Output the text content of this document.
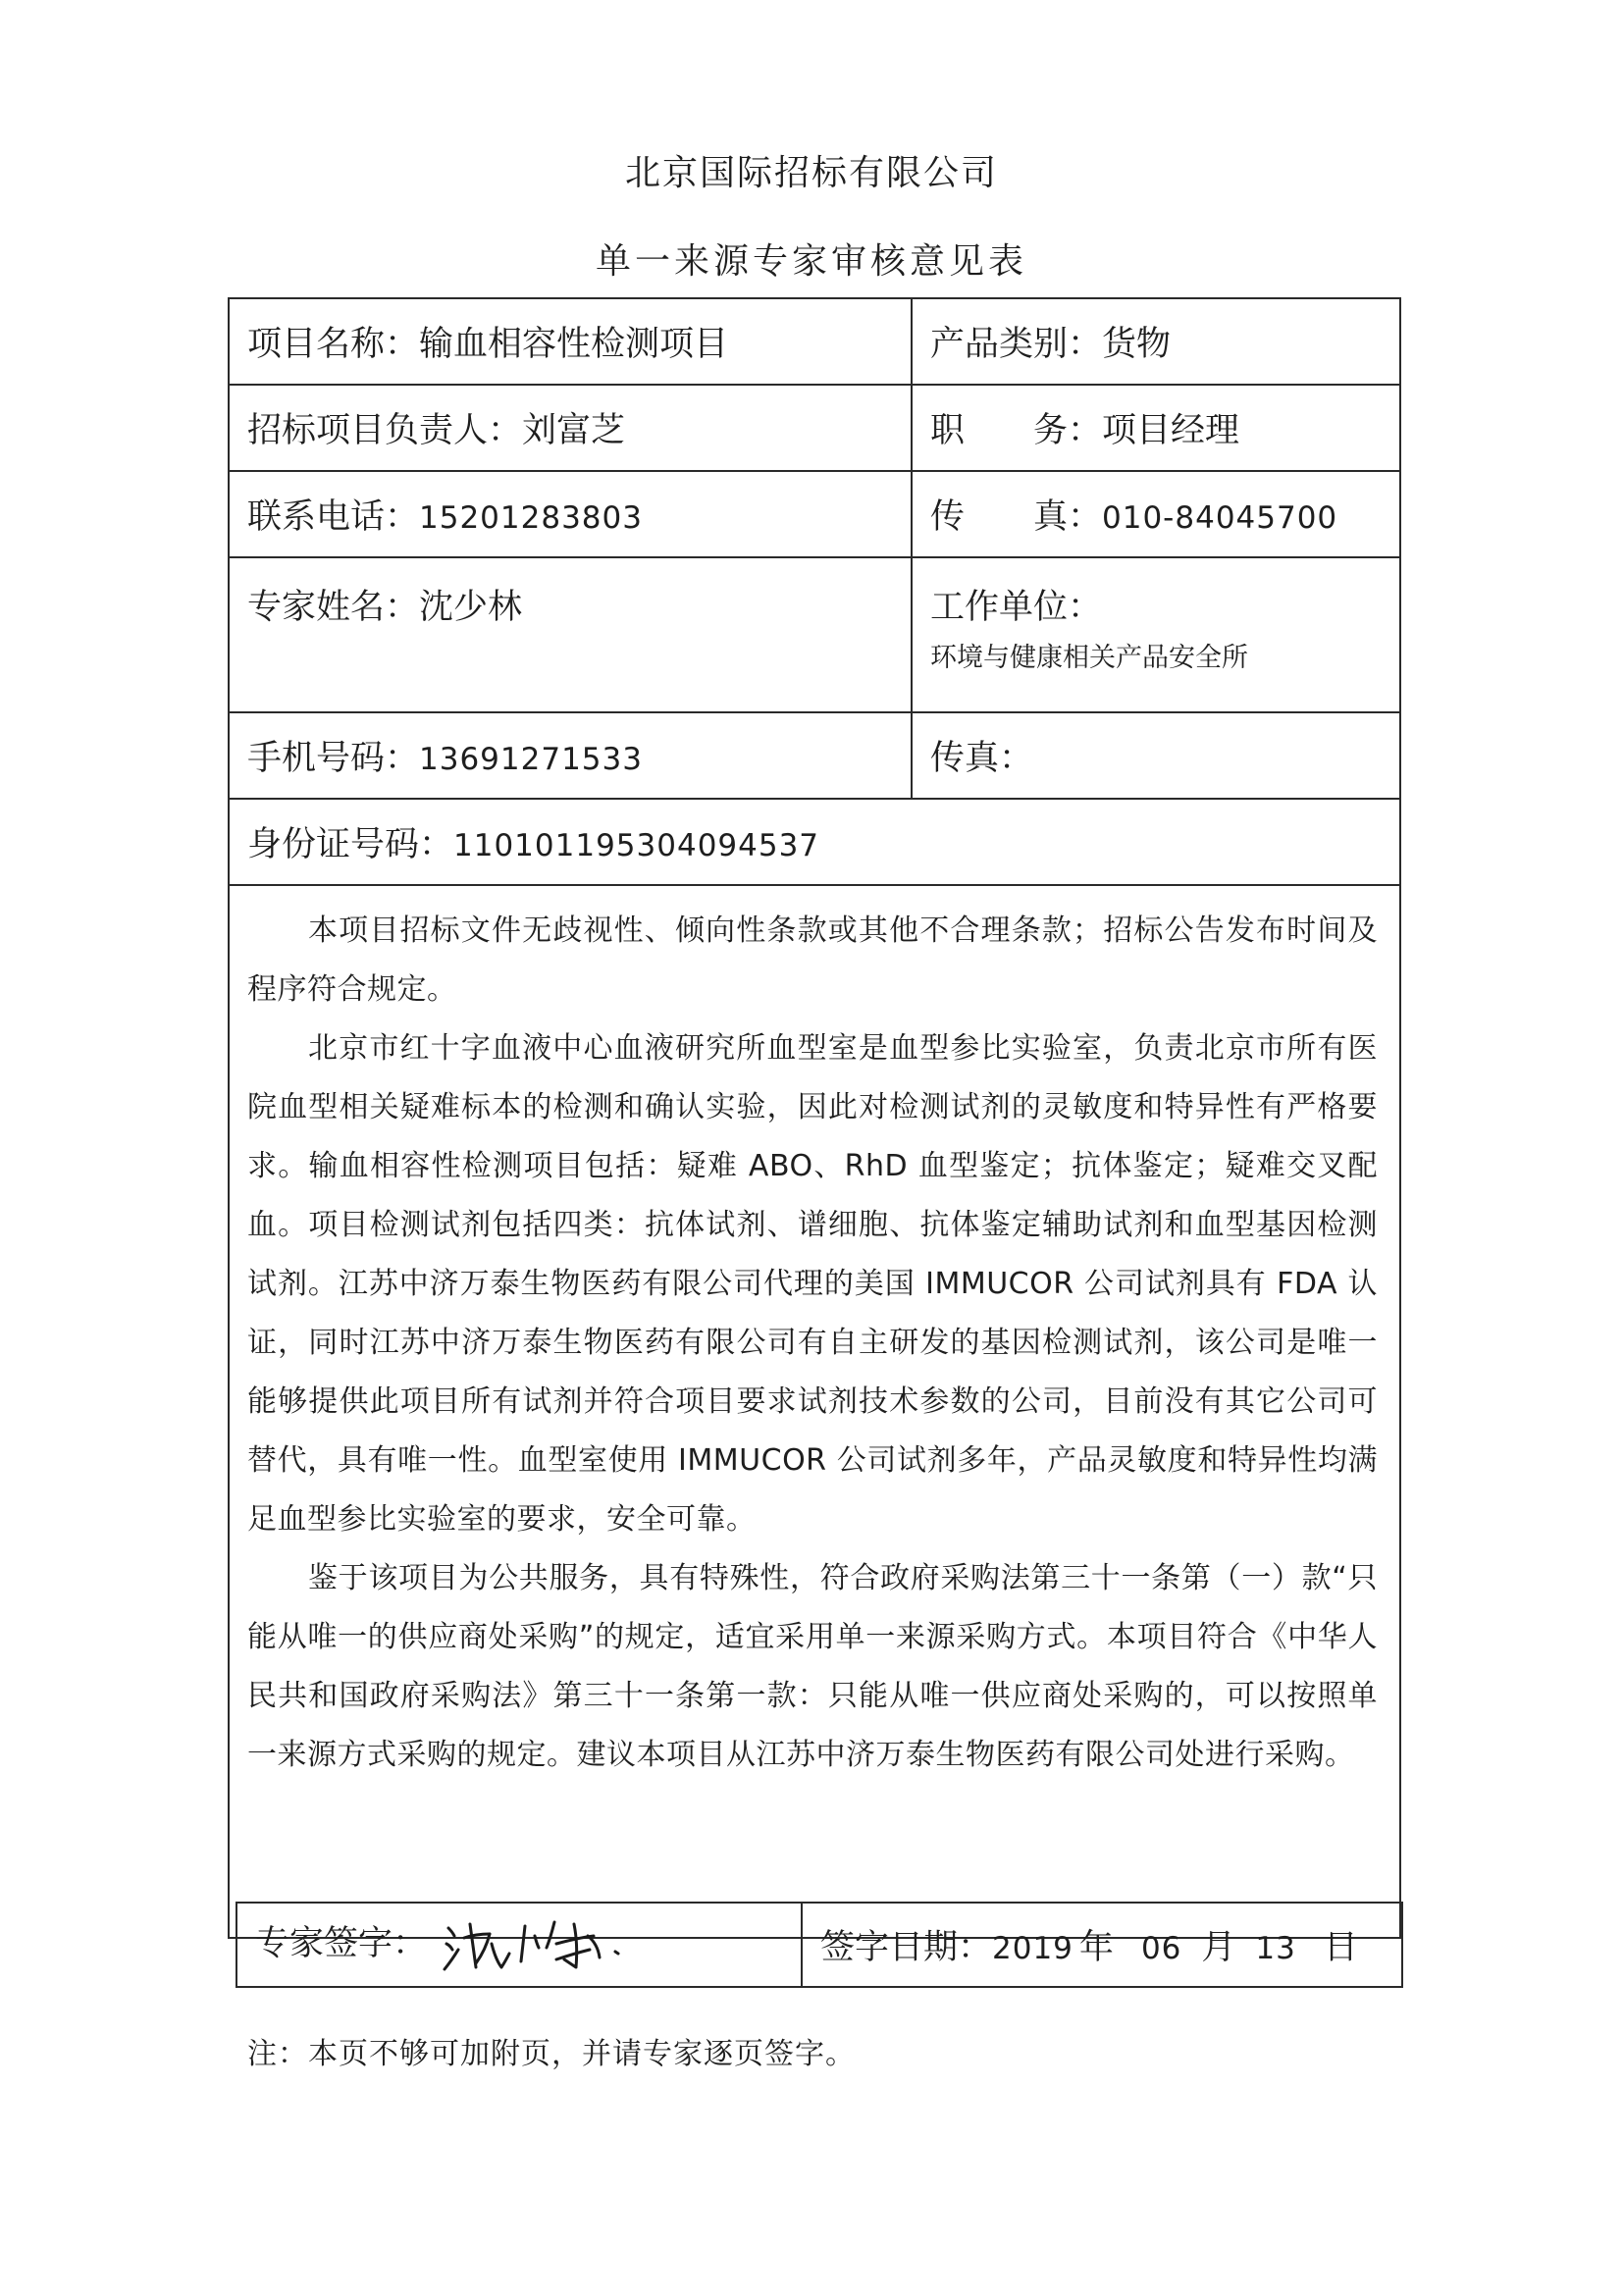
北京国际招标有限公司
单一来源专家审核意见表
项目名称：输血相容性检测项目	产品类别：货物
招标项目负责人：刘富芝	职　　务：项目经理
联系电话：15201283803	传　　真：010-84045700
专家姓名：沈少林	工作单位：环境与健康相关产品安全所
手机号码：13691271533	传真：
身份证号码：110101195304094537	

本项目招标文件无歧视性、倾向性条款或其他不合理条款；招标公告发布时间及程序符合规定。

北京市红十字血液中心血液研究所血型室是血型参比实验室，负责北京市所有医院血型相关疑难标本的检测和确认实验，因此对检测试剂的灵敏度和特异性有严格要求。输血相容性检测项目包括：疑难 ABO、RhD 血型鉴定；抗体鉴定；疑难交叉配血。项目检测试剂包括四类：抗体试剂、谱细胞、抗体鉴定辅助试剂和血型基因检测试剂。江苏中济万泰生物医药有限公司代理的美国 IMMUCOR 公司试剂具有 FDA 认证，同时江苏中济万泰生物医药有限公司有自主研发的基因检测试剂，该公司是唯一能够提供此项目所有试剂并符合项目要求试剂技术参数的公司，目前没有其它公司可替代，具有唯一性。血型室使用 IMMUCOR 公司试剂多年，产品灵敏度和特异性均满足血型参比实验室的要求，安全可靠。

鉴于该项目为公共服务，具有特殊性，符合政府采购法第三十一条第（一）款“只能从唯一的供应商处采购”的规定，适宜采用单一来源采购方式。本项目符合《中华人民共和国政府采购法》第三十一条第一款：只能从唯一供应商处采购的，可以按照单一来源方式采购的规定。建议本项目从江苏中济万泰生物医药有限公司处进行采购。	

专家签字：	签字日期：2019 年 06 月 13 日
注：本页不够可加附页，并请专家逐页签字。
